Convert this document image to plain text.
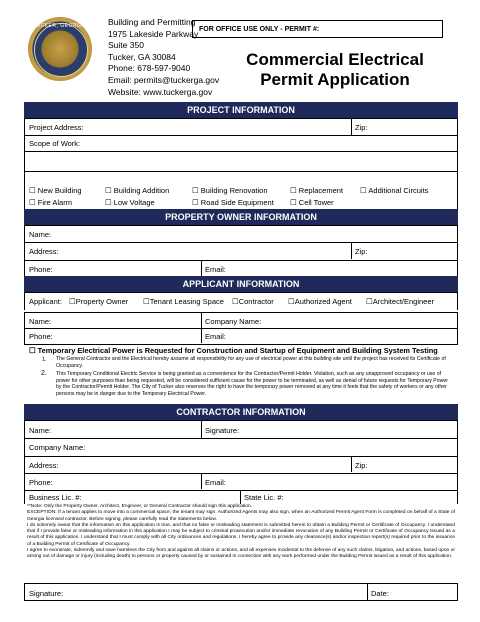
TUCKER, GEORGIA	Building and Permitting
1975 Lakeside Parkway
Suite 350
Tucker, GA 30084
Phone: 678-597-9040
Email: permits@tuckerga.gov
Website: www.tuckerga.gov
FOR OFFICE USE ONLY - PERMIT #:
Commercial Electrical
Permit Application
PROJECT INFORMATION
Project Address:	Zip:
Scope of Work:
☐ New Building	☐ Building Addition	☐ Building Renovation	☐ Replacement ☐ Additional Circuits
☐ Fire Alarm	☐ Low Voltage	☐ Road Side Equipment ☐ Cell Tower
PROPERTY OWNER INFORMATION
Name:
Address:	Zip:
Phone:	Email:
APPLICANT INFORMATION
Applicant: ☐Property Owner ☐Tenant Leasing Space ☐Contractor ☐Authorized Agent ☐Architect/Engineer
Name:	Company Name:
Phone:	Email:
☐ Temporary Electrical Power is Requested for Construction and Startup of Equipment and Building System Testing
1. The General Contractor and the Electrical hereby assume all responsibility for any use of electrical power at this building site until the project has received its Certificate of Occupancy.
2. This Temporary Conditional Electric Service is being granted as a convenience for the Contractor/Permit Holder. Violation, such as any unapproved occupancy or use of power for other purposes than being requested, will be considered sufficient cause for the power to be terminated, as well as denial of future requests for Temporary Power by the Contractor/Permit Holder. The City of Tucker also reserves the right to have the temporary power removed at any time it feels that the safety of workers or any other persons may be in danger due to the Temporary Electrical Power.
CONTRACTOR INFORMATION
Name:	Signature:
Company Name:
Address:	Zip:
Phone:	Email:
Business Lic. #:	State Lic. #:
**Note: Only the Property Owner, Architect, Engineer, or General Contractor should sign this application.
EXCEPTION: If a tenant applies to move into a commercial space, the tenant may sign. Authorized Agents may also sign, when an Authorized Permit Agent Form is completed on behalf of a State of Georgia licensed contractor. Before signing, please carefully read the statements below.
I do solemnly swear that the information on this application is true, and that no false or misleading statement is submitted herein to obtain a Building Permit or Certificate of Occupancy. I understand that if I provide false or misleading information in this application I may be subject to criminal prosecution and/or immediate revocation of any Building Permit or Certificate of Occupancy issued as a result of this application. I understand that I must comply with all City ordinances and regulations. I hereby agree to provide any clearance(s) and/or inspection report(s) required prior to the issuance of a Building Permit of Certificate of Occupancy.
I agree to exonerate, indemnify and save harmless the City from and against all claims or actions, and all expenses incidental to the defense of any such claims, litigation, and actions, based upon or arising out of damage or injury (including death) to persons or property caused by or sustained in connection with any work performed under the Building Permit issued as a result of this application.
Signature:	Date:
